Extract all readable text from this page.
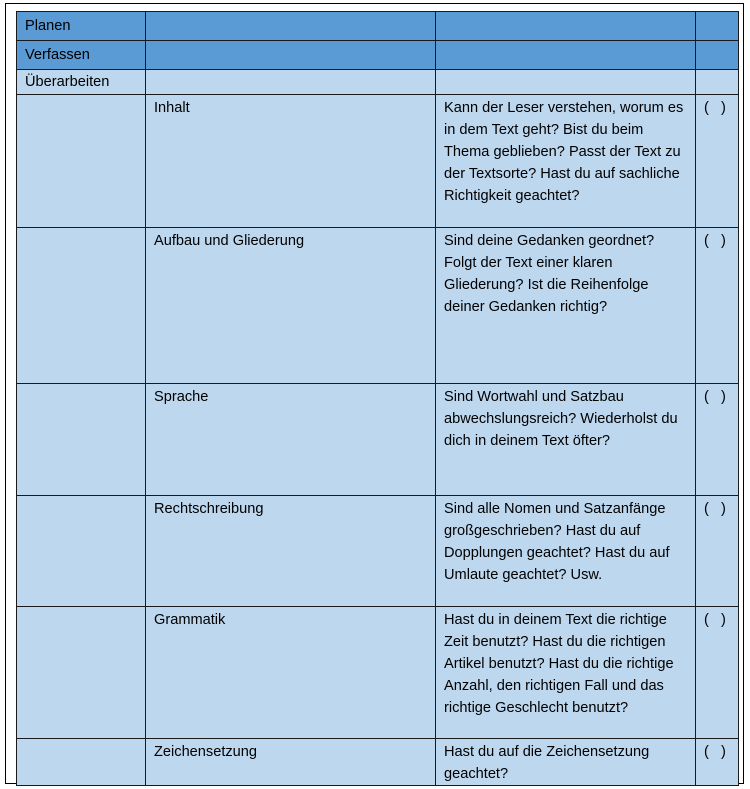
Planen			
Verfassen			
Überarbeiten			
	Inhalt	Kann der Leser verstehen, worum es in dem Text geht? Bist du beim Thema geblieben? Passt der Text zu der Textsorte? Hast du auf sachliche Richtigkeit geachtet?	(   )
	Aufbau und Gliederung	Sind deine Gedanken geordnet? Folgt der Text einer klaren Gliederung? Ist die Reihenfolge deiner Gedanken richtig?	(   )
	Sprache	Sind Wortwahl und Satzbau abwechslungsreich? Wiederholst du dich in deinem Text öfter?	(   )
	Rechtschreibung	Sind alle Nomen und Satzanfänge großgeschrieben? Hast du auf Dopplungen geachtet? Hast du auf Umlaute geachtet? Usw.	(   )
	Grammatik	Hast du in deinem Text die richtige Zeit benutzt? Hast du die richtigen Artikel benutzt? Hast du die richtige Anzahl, den richtigen Fall und das richtige Geschlecht benutzt?	(   )
	Zeichensetzung	Hast du auf die Zeichensetzung geachtet?	(   )
